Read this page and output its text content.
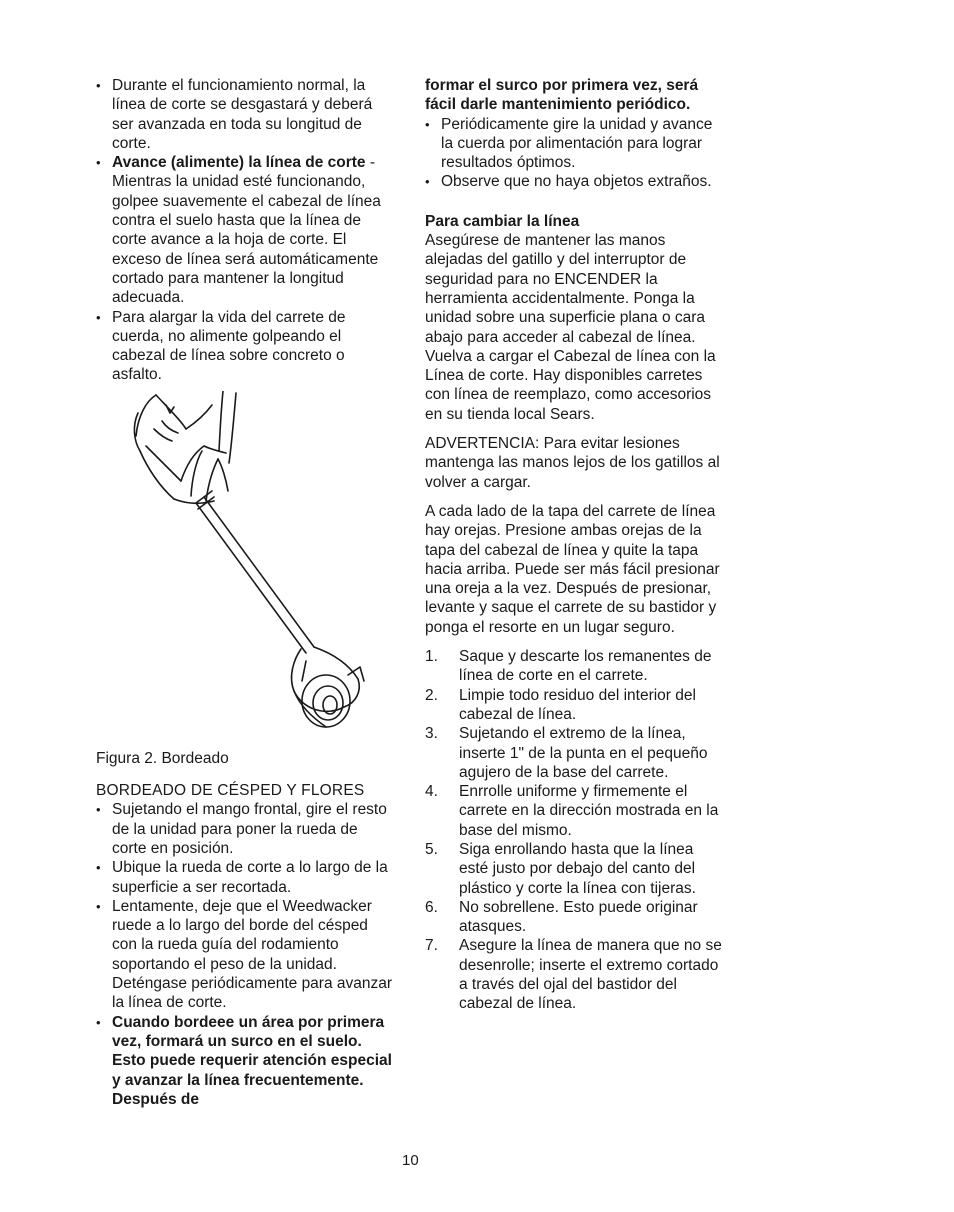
• Durante el funcionamiento normal, la línea de corte se desgastará y deberá ser avanzada en toda su longitud de corte.
• Avance (alimente) la línea de corte - Mientras la unidad esté funcionando, golpee suavemente el cabezal de línea contra el suelo hasta que la línea de corte avance a la hoja de corte. El exceso de línea será automáticamente cortado para mantener la longitud adecuada.
• Para alargar la vida del carrete de cuerda, no alimente golpeando el cabezal de línea sobre concreto o asfalto.

Figura 2. Bordeado

BORDEADO DE CÉSPED Y FLORES

• Sujetando el mango frontal, gire el resto de la unidad para poner la rueda de corte en posición.
• Ubique la rueda de corte a lo largo de la superficie a ser recortada.
• Lentamente, deje que el Weedwacker ruede a lo largo del borde del césped con la rueda guía del rodamiento soportando el peso de la unidad. Deténgase periódicamente para avanzar la línea de corte.
• Cuando bordeee un área por primera vez, formará un surco en el suelo. Esto puede requerir atención especial y avanzar la línea frecuentemente. Después de

formar el surco por primera vez, será fácil darle mantenimiento periódico.

• Periódicamente gire la unidad y avance la cuerda por alimentación para lograr resultados óptimos.
• Observe que no haya objetos extraños.

Para cambiar la línea

Asegúrese de mantener las manos alejadas del gatillo y del interruptor de seguridad para no ENCENDER la herramienta accidentalmente. Ponga la unidad sobre una superficie plana o cara abajo para acceder al cabezal de línea. Vuelva a cargar el Cabezal de línea con la Línea de corte. Hay disponibles carretes con línea de reemplazo, como accesorios en su tienda local Sears.

ADVERTENCIA: Para evitar lesiones mantenga las manos lejos de los gatillos al volver a cargar.

A cada lado de la tapa del carrete de línea hay orejas. Presione ambas orejas de la tapa del cabezal de línea y quite la tapa hacia arriba. Puede ser más fácil presionar una oreja a la vez. Después de presionar, levante y saque el carrete de su bastidor y ponga el resorte en un lugar seguro.

1. Saque y descarte los remanentes de línea de corte en el carrete.
2. Limpie todo residuo del interior del cabezal de línea.
3. Sujetando el extremo de la línea, inserte 1" de la punta en el pequeño agujero de la base del carrete.
4. Enrrolle uniforme y firmemente el carrete en la dirección mostrada en la base del mismo.
5. Siga enrollando hasta que la línea esté justo por debajo del canto del plástico y corte la línea con tijeras.
6. No sobrellene. Esto puede originar atasques.
7. Asegure la línea de manera que no se desenrolle; inserte el extremo cortado a través del ojal del bastidor del cabezal de línea.
10
